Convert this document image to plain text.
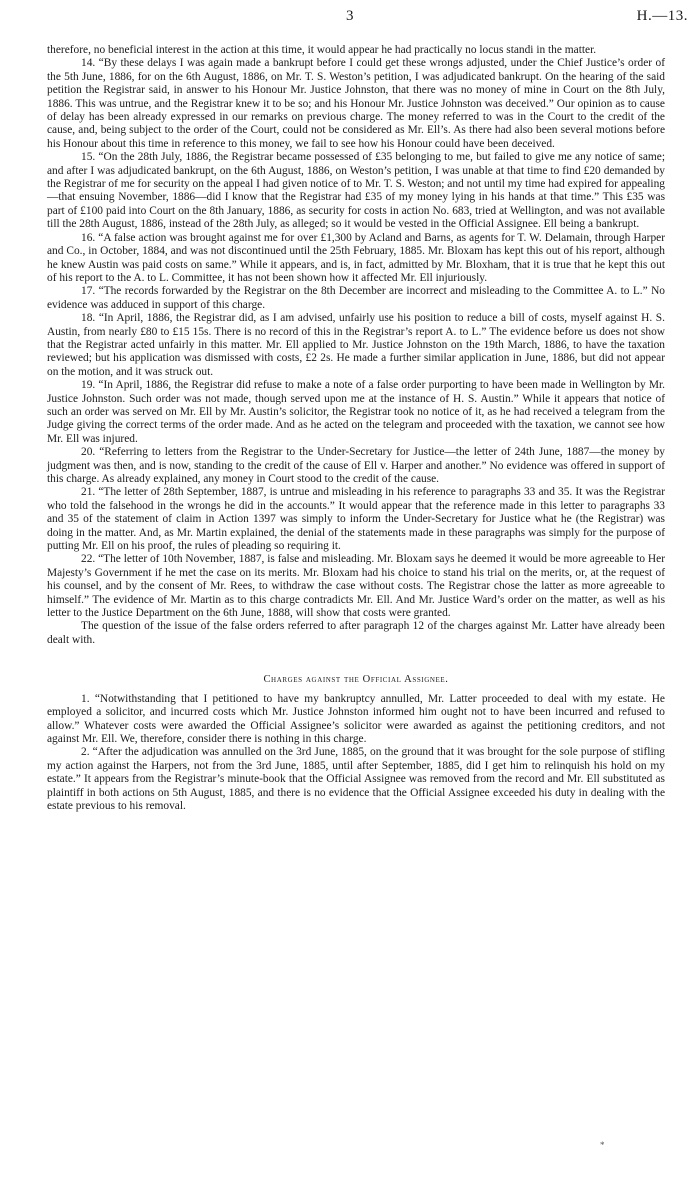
3	H.—13.

therefore, no beneficial interest in the action at this time, it would appear he had practically no locus standi in the matter.

14. “By these delays I was again made a bankrupt before I could get these wrongs adjusted, under the Chief Justice’s order of the 5th June, 1886, for on the 6th August, 1886, on Mr. T. S. Weston’s petition, I was adjudicated bankrupt. On the hearing of the said petition the Registrar said, in answer to his Honour Mr. Justice Johnston, that there was no money of mine in Court on the 8th July, 1886. This was untrue, and the Registrar knew it to be so; and his Honour Mr. Justice Johnston was deceived.” Our opinion as to cause of delay has been already expressed in our remarks on previous charge. The money referred to was in the Court to the credit of the cause, and, being subject to the order of the Court, could not be considered as Mr. Ell’s. As there had also been several motions before his Honour about this time in reference to this money, we fail to see how his Honour could have been deceived.

15. “On the 28th July, 1886, the Registrar became possessed of £35 belonging to me, but failed to give me any notice of same; and after I was adjudicated bankrupt, on the 6th August, 1886, on Weston’s petition, I was unable at that time to find £20 demanded by the Registrar of me for security on the appeal I had given notice of to Mr. T. S. Weston; and not until my time had expired for appealing—that ensuing November, 1886—did I know that the Registrar had £35 of my money lying in his hands at that time.” This £35 was part of £100 paid into Court on the 8th January, 1886, as security for costs in action No. 683, tried at Wellington, and was not available till the 28th August, 1886, instead of the 28th July, as alleged; so it would be vested in the Official Assignee. Ell being a bankrupt.

16. “A false action was brought against me for over £1,300 by Acland and Barns, as agents for T. W. Delamain, through Harper and Co., in October, 1884, and was not discontinued until the 25th February, 1885. Mr. Bloxam has kept this out of his report, although he knew Austin was paid costs on same.” While it appears, and is, in fact, admitted by Mr. Bloxham, that it is true that he kept this out of his report to the A. to L. Committee, it has not been shown how it affected Mr. Ell injuriously.

17. “The records forwarded by the Registrar on the 8th December are incorrect and misleading to the Committee A. to L.” No evidence was adduced in support of this charge.

18. “In April, 1886, the Registrar did, as I am advised, unfairly use his position to reduce a bill of costs, myself against H. S. Austin, from nearly £80 to £15 15s. There is no record of this in the Registrar’s report A. to L.” The evidence before us does not show that the Registrar acted unfairly in this matter. Mr. Ell applied to Mr. Justice Johnston on the 19th March, 1886, to have the taxation reviewed; but his application was dismissed with costs, £2 2s. He made a further similar application in June, 1886, but did not appear on the motion, and it was struck out.

19. “In April, 1886, the Registrar did refuse to make a note of a false order purporting to have been made in Wellington by Mr. Justice Johnston. Such order was not made, though served upon me at the instance of H. S. Austin.” While it appears that notice of such an order was served on Mr. Ell by Mr. Austin’s solicitor, the Registrar took no notice of it, as he had received a telegram from the Judge giving the correct terms of the order made. And as he acted on the telegram and proceeded with the taxation, we cannot see how Mr. Ell was injured.

20. “Referring to letters from the Registrar to the Under-Secretary for Justice—the letter of 24th June, 1887—the money by judgment was then, and is now, standing to the credit of the cause of Ell v. Harper and another.” No evidence was offered in support of this charge. As already explained, any money in Court stood to the credit of the cause.

21. “The letter of 28th September, 1887, is untrue and misleading in his reference to paragraphs 33 and 35. It was the Registrar who told the falsehood in the wrongs he did in the accounts.” It would appear that the reference made in this letter to paragraphs 33 and 35 of the statement of claim in Action 1397 was simply to inform the Under-Secretary for Justice what he (the Registrar) was doing in the matter. And, as Mr. Martin explained, the denial of the statements made in these paragraphs was simply for the purpose of putting Mr. Ell on his proof, the rules of pleading so requiring it.

22. “The letter of 10th November, 1887, is false and misleading. Mr. Bloxam says he deemed it would be more agreeable to Her Majesty’s Government if he met the case on its merits. Mr. Bloxam had his choice to stand his trial on the merits, or, at the request of his counsel, and by the consent of Mr. Rees, to withdraw the case without costs. The Registrar chose the latter as more agreeable to himself.” The evidence of Mr. Martin as to this charge contradicts Mr. Ell. And Mr. Justice Ward’s order on the matter, as well as his letter to the Justice Department on the 6th June, 1888, will show that costs were granted.

The question of the issue of the false orders referred to after paragraph 12 of the charges against Mr. Latter have already been dealt with.

Charges against the Official Assignee.

1. “Notwithstanding that I petitioned to have my bankruptcy annulled, Mr. Latter proceeded to deal with my estate. He employed a solicitor, and incurred costs which Mr. Justice Johnston informed him ought not to have been incurred and refused to allow.” Whatever costs were awarded the Official Assignee’s solicitor were awarded as against the petitioning creditors, and not against Mr. Ell. We, therefore, consider there is nothing in this charge.

2. “After the adjudication was annulled on the 3rd June, 1885, on the ground that it was brought for the sole purpose of stifling my action against the Harpers, not from the 3rd June, 1885, until after September, 1885, did I get him to relinquish his hold on my estate.” It appears from the Registrar’s minute-book that the Official Assignee was removed from the record and Mr. Ell substituted as plaintiff in both actions on 5th August, 1885, and there is no evidence that the Official Assignee exceeded his duty in dealing with the estate previous to his removal.

*
